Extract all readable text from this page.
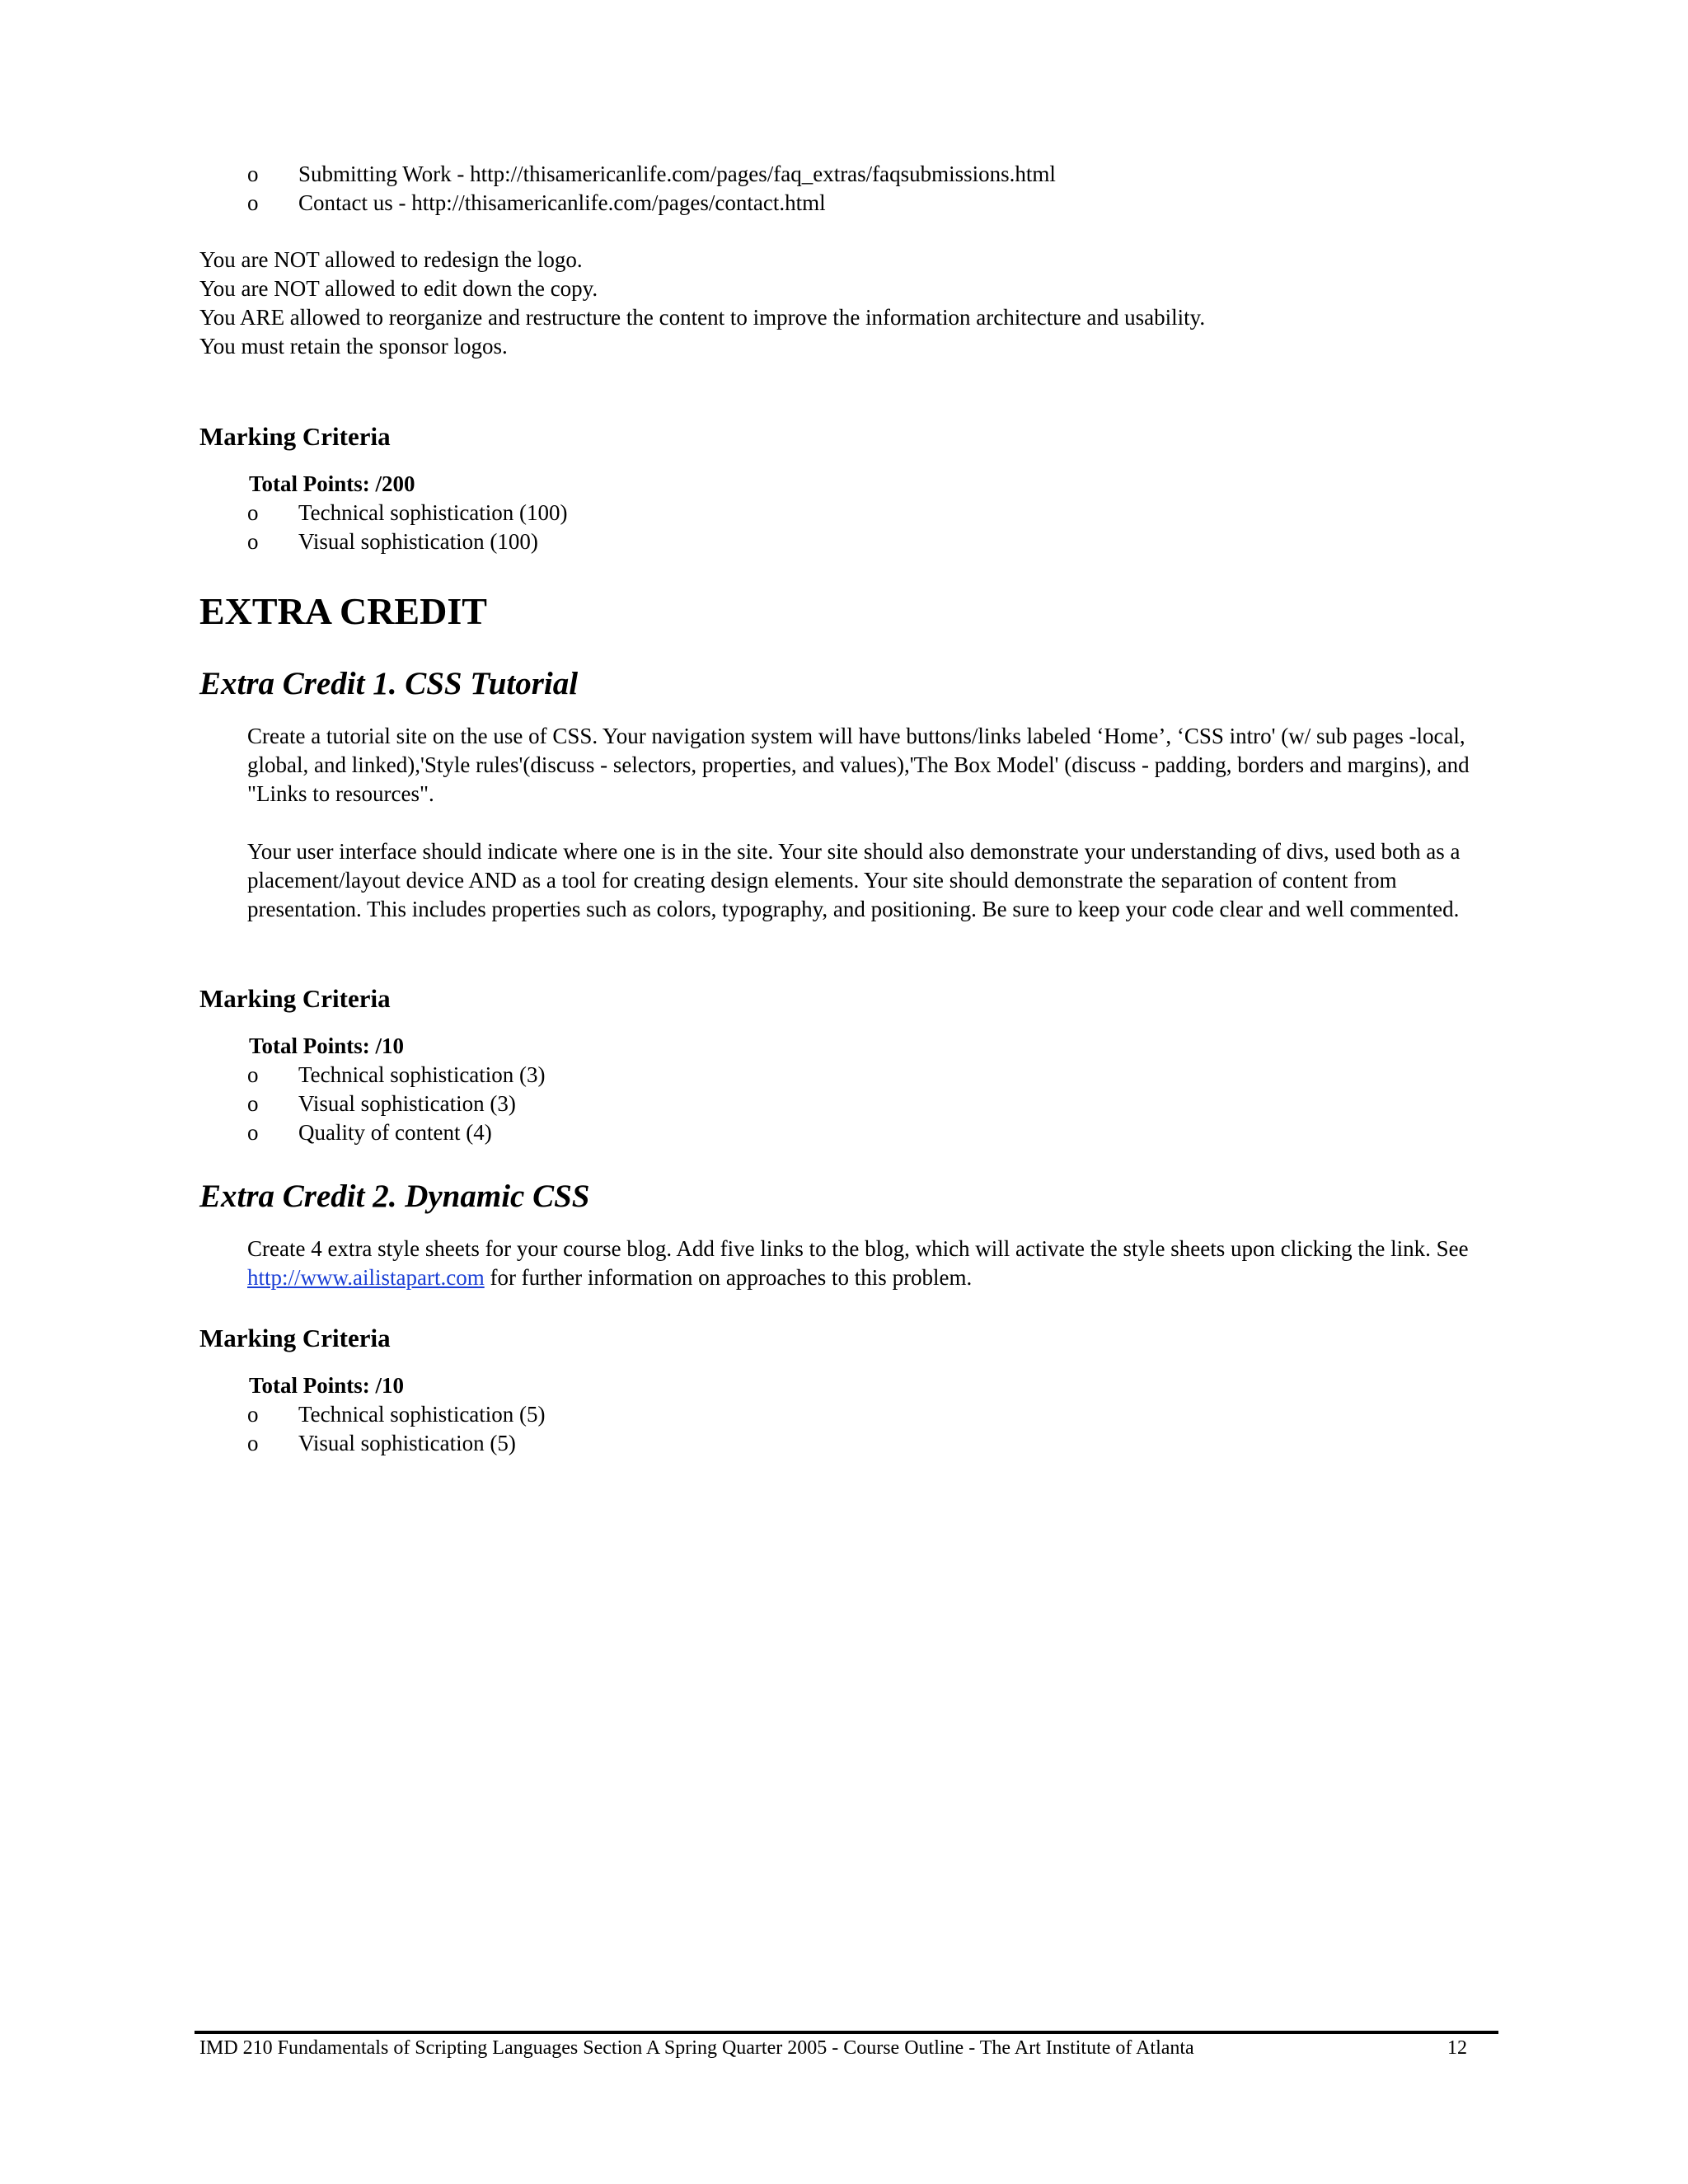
o	Submitting Work - http://thisamericanlife.com/pages/faq_extras/faqsubmissions.html
o	Contact us - http://thisamericanlife.com/pages/contact.html
You are NOT allowed to redesign the logo.
You are NOT allowed to edit down the copy.
You ARE allowed to reorganize and restructure the content to improve the information architecture and usability.
You must retain the sponsor logos.
Marking Criteria
Total Points: /200
o	Technical sophistication (100)
o	Visual sophistication (100)
EXTRA CREDIT
Extra Credit 1. CSS Tutorial

Create a tutorial site on the use of CSS. Your navigation system will have buttons/links labeled ‘Home’, ‘CSS intro' (w/ sub pages -local, global, and linked),'Style rules'(discuss - selectors, properties, and values),'The Box Model' (discuss - padding, borders and margins), and "Links to resources".

Your user interface should indicate where one is in the site. Your site should also demonstrate your understanding of divs, used both as a placement/layout device AND as a tool for creating design elements. Your site should demonstrate the separation of content from presentation. This includes properties such as colors, typography, and positioning. Be sure to keep your code clear and well commented.

Marking Criteria
Total Points: /10
o	Technical sophistication (3)
o	Visual sophistication (3)
o	Quality of content (4)
Extra Credit 2. Dynamic CSS

Create 4 extra style sheets for your course blog. Add five links to the blog, which will activate the style sheets upon clicking the link. See http://www.ailistapart.com for further information on approaches to this problem.

Marking Criteria
Total Points: /10
o	Technical sophistication (5)
o	Visual sophistication (5)
IMD 210 Fundamentals of Scripting Languages Section A Spring Quarter 2005 - Course Outline - The Art Institute of Atlanta	12
